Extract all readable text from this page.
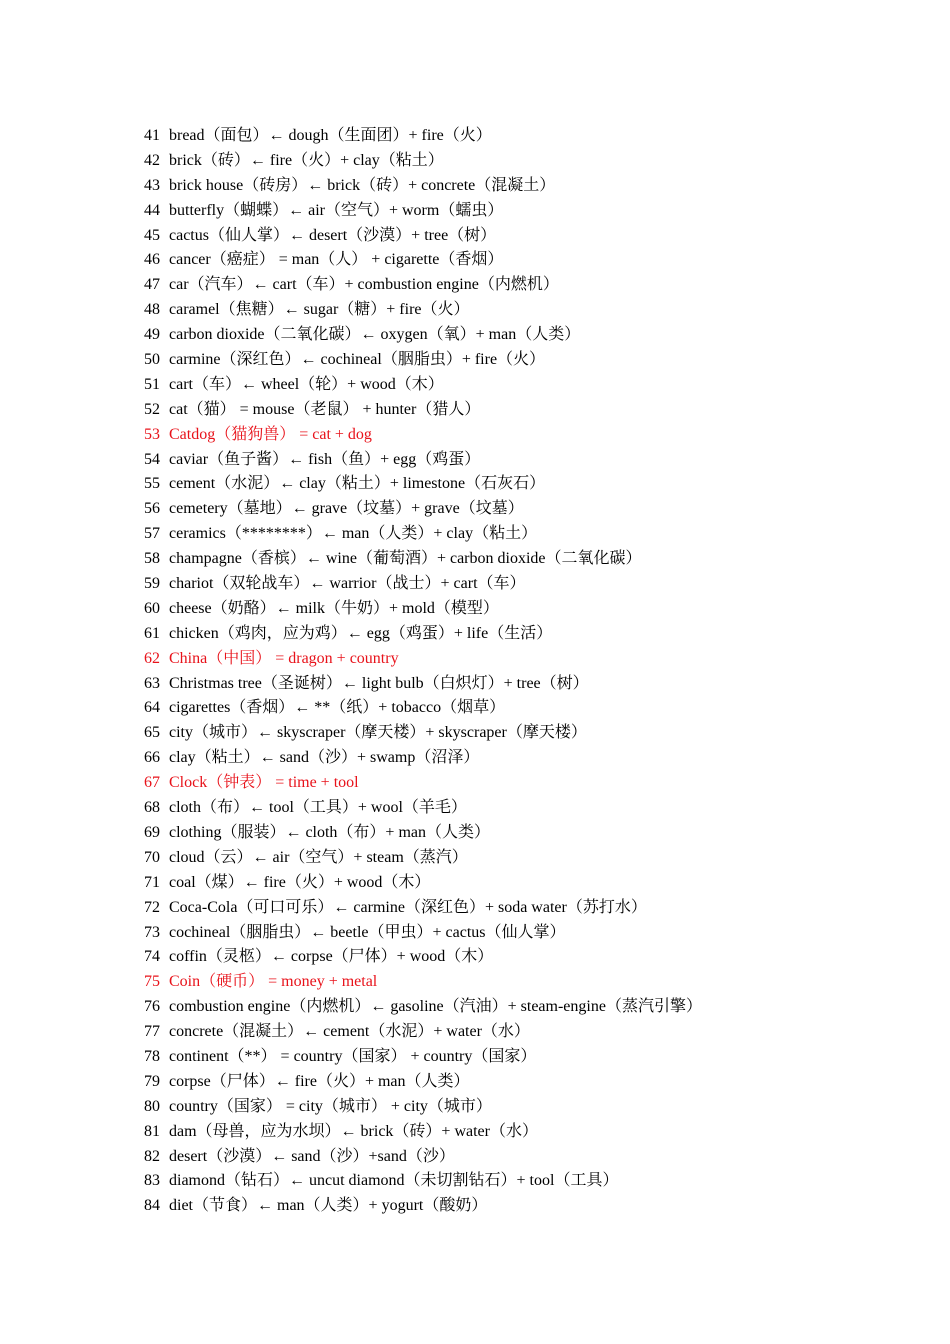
41 bread（面包）← dough（生面团）+ fire（火）
42 brick（砖）← fire（火）+ clay（粘土）
43 brick house（砖房）← brick（砖）+ concrete（混凝土）
44 butterfly（蝴蝶）← air（空气）+ worm（蠕虫）
45 cactus（仙人掌）← desert（沙漠）+ tree（树）
46 cancer（癌症） = man（人） + cigarette（香烟）
47 car（汽车）← cart（车）+ combustion engine（内燃机）
48 caramel（焦糖）← sugar（糖）+ fire（火）
49 carbon dioxide（二氧化碳）← oxygen（氧）+ man（人类）
50 carmine（深红色）← cochineal（胭脂虫）+ fire（火）
51 cart（车）← wheel（轮）+ wood（木）
52 cat（猫） = mouse（老鼠） + hunter（猎人）
53 Catdog（猫狗兽） = cat + dog
54 caviar（鱼子酱）← fish（鱼）+ egg（鸡蛋）
55 cement（水泥）← clay（粘土）+ limestone（石灰石）
56 cemetery（墓地）← grave（坟墓）+ grave（坟墓）
57 ceramics（********）← man（人类）+ clay（粘土）
58 champagne（香槟）← wine（葡萄酒）+ carbon dioxide（二氧化碳）
59 chariot（双轮战车）← warrior（战士）+ cart（车）
60 cheese（奶酪）← milk（牛奶）+ mold（模型）
61 chicken（鸡肉，应为鸡）← egg（鸡蛋）+ life（生活）
62 China（中国） = dragon + country
63 Christmas tree（圣诞树）← light bulb（白炽灯）+ tree（树）
64 cigarettes（香烟）← **（纸）+ tobacco（烟草）
65 city（城市）← skyscraper（摩天楼）+ skyscraper（摩天楼）
66 clay（粘土）← sand（沙）+ swamp（沼泽）
67 Clock（钟表） = time + tool
68 cloth（布）← tool（工具）+ wool（羊毛）
69 clothing（服装）← cloth（布）+ man（人类）
70 cloud（云）← air（空气）+ steam（蒸汽）
71 coal（煤）← fire（火）+ wood（木）
72 Coca-Cola（可口可乐）← carmine（深红色）+ soda water（苏打水）
73 cochineal（胭脂虫）← beetle（甲虫）+ cactus（仙人掌）
74 coffin（灵柩）← corpse（尸体）+ wood（木）
75 Coin（硬币） = money + metal
76 combustion engine（内燃机）← gasoline（汽油）+ steam-engine（蒸汽引擎）
77 concrete（混凝土）← cement（水泥）+ water（水）
78 continent（**） = country（国家） + country（国家）
79 corpse（尸体）← fire（火）+ man（人类）
80 country（国家） = city（城市） + city（城市）
81 dam（母兽，应为水坝）← brick（砖）+ water（水）
82 desert（沙漠）← sand（沙）+sand（沙）
83 diamond（钻石）← uncut diamond（未切割钻石）+ tool（工具）
84 diet（节食）← man（人类）+ yogurt（酸奶）
